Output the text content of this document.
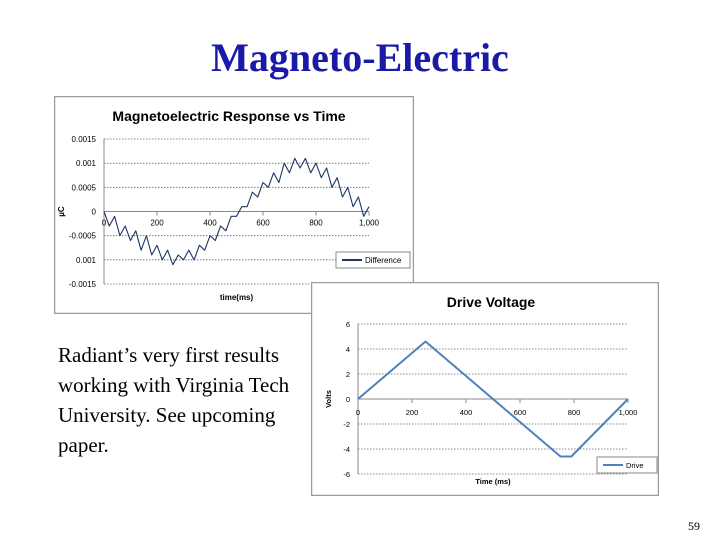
Magneto-Electric
Magnetoelectric Response vs Time
0.0015
0.001
0.0005
0
-0.0005
0.001
-0.0015
0	200	400	600	800	1,000
µC
time(ms)
Difference
Drive Voltage
6
4
2
0
-2
-4
-6
0	200	400	600	800	1,000
Volts
Time (ms)
Drive
Radiant’s very first results working with Virginia Tech University. See upcoming paper.
59
